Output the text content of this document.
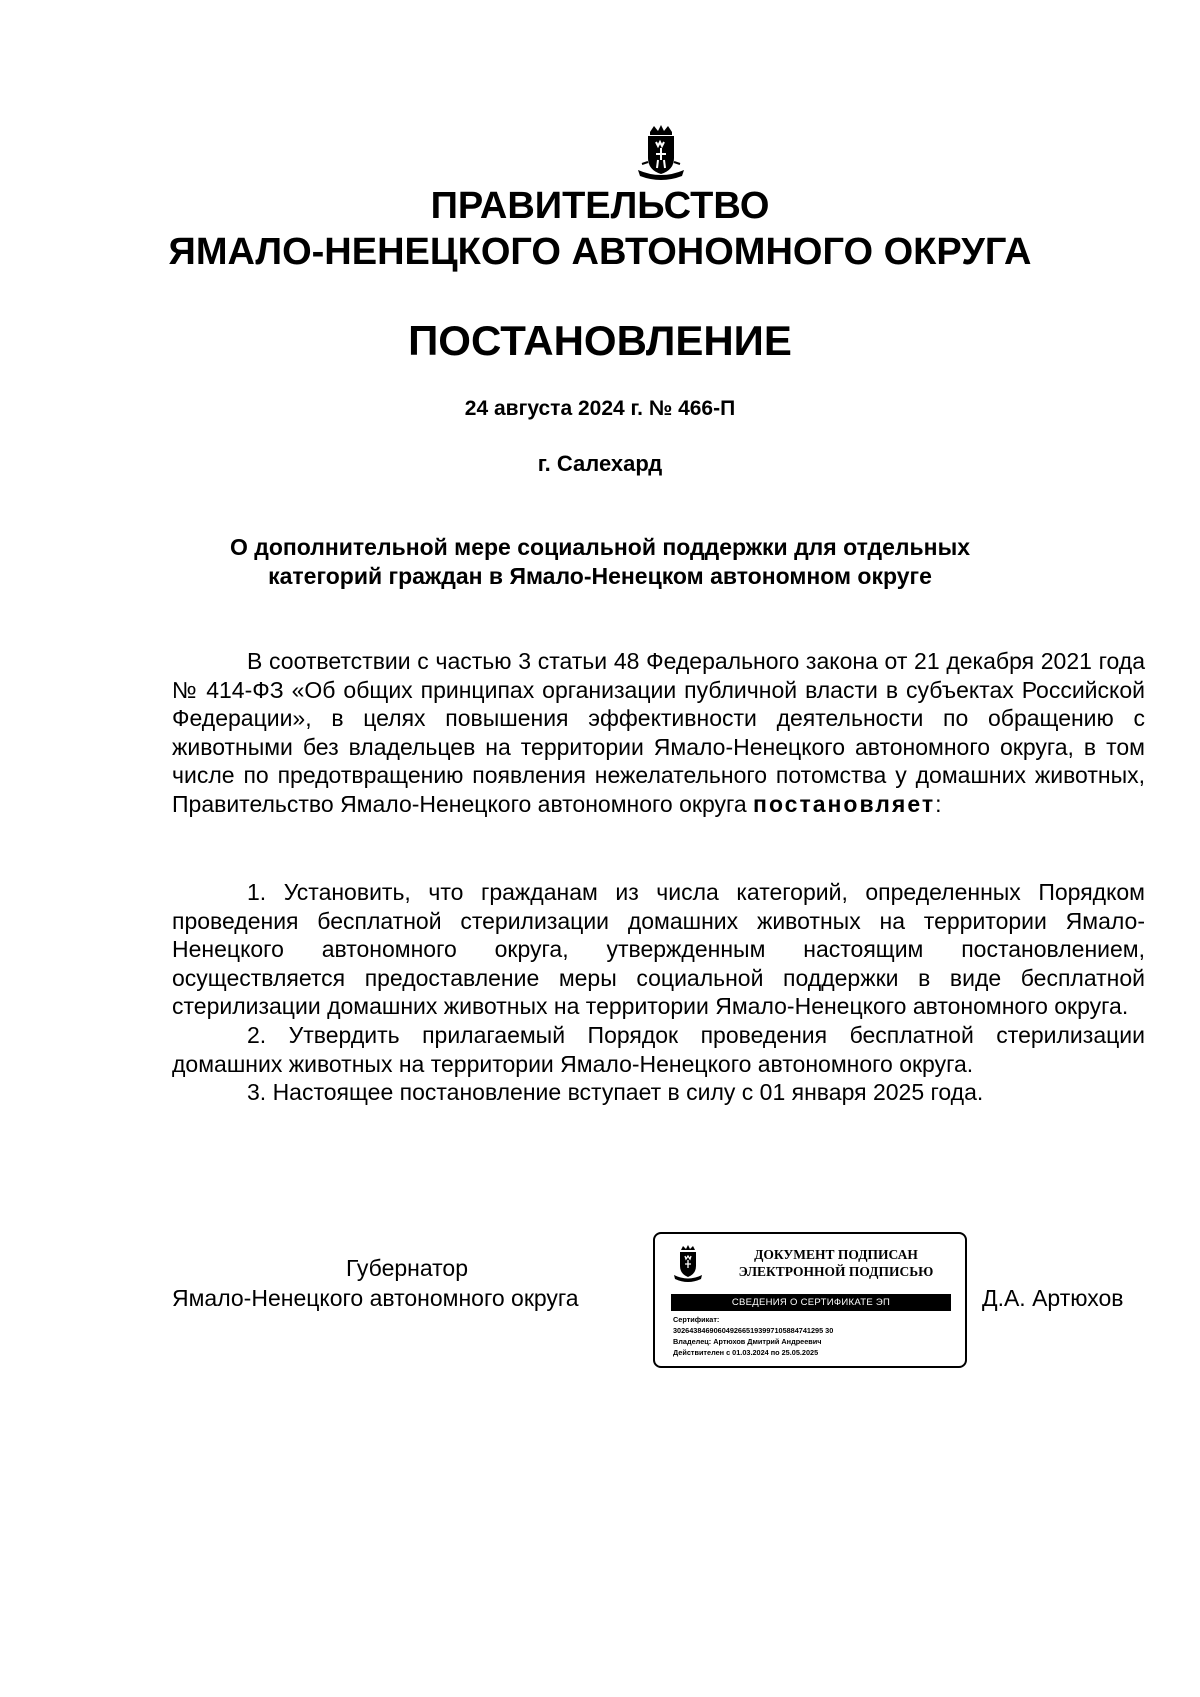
ПРАВИТЕЛЬСТВО
ЯМАЛО-НЕНЕЦКОГО АВТОНОМНОГО ОКРУГА
ПОСТАНОВЛЕНИЕ
24 августа 2024 г. № 466-П
г. Салехард
О дополнительной мере социальной поддержки для отдельных
категорий граждан в Ямало-Ненецком автономном округе

В соответствии с частью 3 статьи 48 Федерального закона от 21 декабря 2021 года № 414-ФЗ «Об общих принципах организации публичной власти в субъектах Российской Федерации», в целях повышения эффективности деятельности по обращению с животными без владельцев на территории Ямало-Ненецкого автономного округа, в том числе по предотвращению появления нежелательного потомства у домашних животных, Правительство Ямало-Ненецкого автономного округа постановляет:

1. Установить, что гражданам из числа категорий, определенных Порядком проведения бесплатной стерилизации домашних животных на территории Ямало-Ненецкого автономного округа, утвержденным настоящим постановлением, осуществляется предоставление меры социальной поддержки в виде бесплатной стерилизации домашних животных на территории Ямало-Ненецкого автономного округа.

2. Утвердить прилагаемый Порядок проведения бесплатной стерилизации домашних животных на территории Ямало-Ненецкого автономного округа.

3. Настоящее постановление вступает в силу с 01 января 2025 года.

Губернатор
Ямало-Ненецкого автономного округа
ДОКУМЕНТ ПОДПИСАН
ЭЛЕКТРОННОЙ ПОДПИСЬЮ
СВЕДЕНИЯ О СЕРТИФИКАТЕ ЭП
Сертификат:
3026438469060492665193997105884741295 30
Владелец: Артюхов Дмитрий Андреевич
Действителен с 01.03.2024 по 25.05.2025
Д.А. Артюхов
